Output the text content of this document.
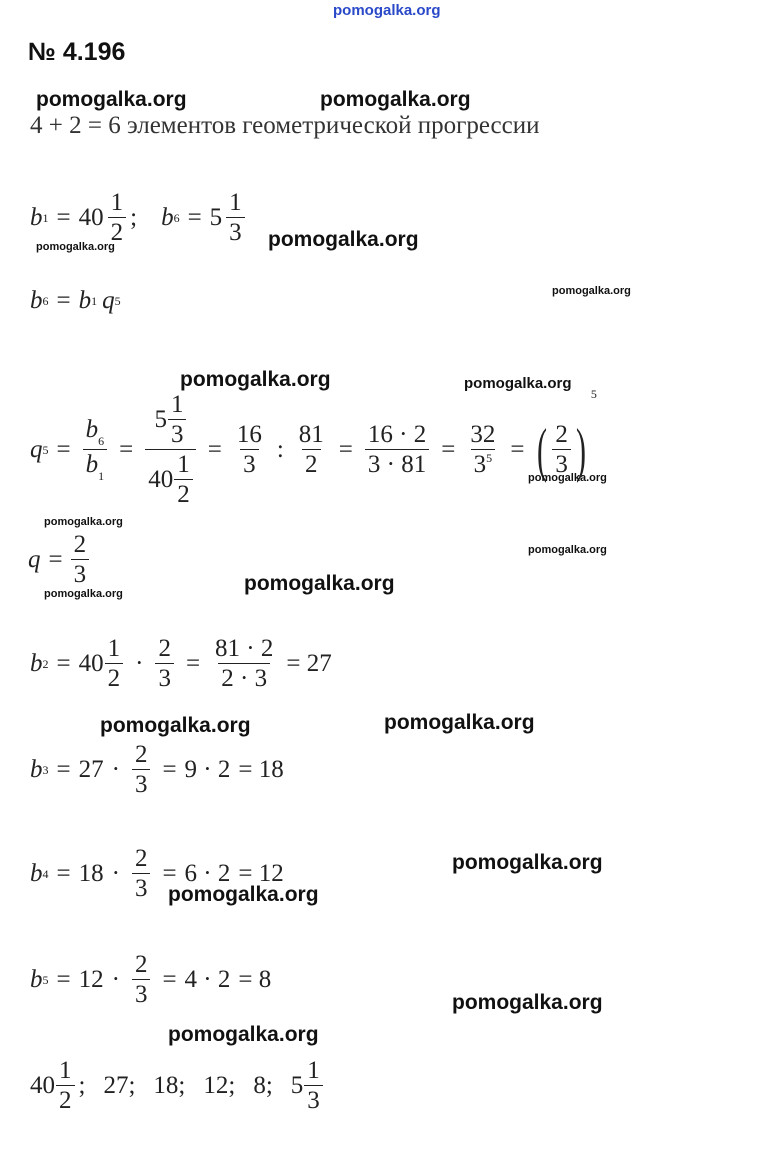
pomogalka.org
№ 4.196
pomogalka.org	pomogalka.org
4 + 2 = 6 элементов геометрической прогрессии
b $1 = 40 \frac{1}{2}$ ; b $6 = 5 \frac{1}{3}$
pomogalka.org	pomogalka.org
b 6 = b 1 q 5
pomogalka.org
pomogalka.org	pomogalka.org
q $5 = \frac{b_6}{b_1} = \frac{5 \frac{1}{3}}{40 \frac{1}{2}} = \frac{16}{3}$ : $\frac{81}{2} = \frac{16 \cdot 2}{3 \cdot 81} = \frac{32}{3^5}$ = ( $\frac{2}{3}$ )
5
pomogalka.org
pomogalka.org
pomogalka.org
$q = \frac{2}{3}$
pomogalka.org	pomogalka.org
b $2 = 40 \frac{1}{2} \cdot \frac{2}{3} = \frac{81 \cdot 2}{2 \cdot 3} = 27$
pomogalka.org	pomogalka.org
b $3 = 27 \cdot \frac{2}{3} = 9 \cdot 2 = 18$
pomogalka.org
b $4 = 18 \cdot \frac{2}{3} = 6 \cdot 2 = 12$
pomogalka.org
b $5 = 12 \cdot \frac{2}{3} = 4 \cdot 2 = 8$
pomogalka.org
pomogalka.org
$40 \frac{1}{2}$ ; 27; 18; 12; 8; $5 \frac{1}{3}$
